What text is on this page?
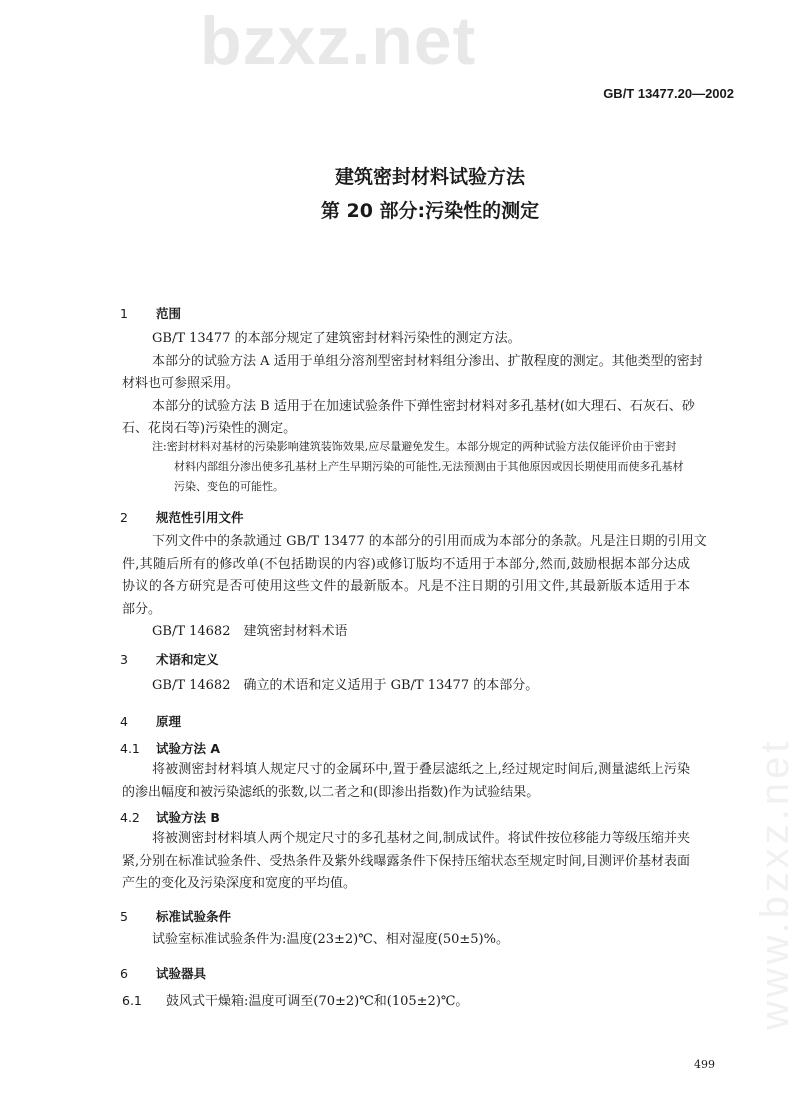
bzxz.net
www.bzxz.net
GB/T 13477.20—2002
建筑密封材料试验方法
第 20 部分:污染性的测定
1 范围
GB/T 13477 的本部分规定了建筑密封材料污染性的测定方法。
本部分的试验方法 A 适用于单组分溶剂型密封材料组分渗出、扩散程度的测定。其他类型的密封
材料也可参照采用。
本部分的试验方法 B 适用于在加速试验条件下弹性密封材料对多孔基材(如大理石、石灰石、砂
石、花岗石等)污染性的测定。
注:密封材料对基材的污染影响建筑装饰效果,应尽量避免发生。本部分规定的两种试验方法仅能评价由于密封
材料内部组分渗出使多孔基材上产生早期污染的可能性,无法预测由于其他原因或因长期使用而使多孔基材
污染、变色的可能性。
2 规范性引用文件
下列文件中的条款通过 GB/T 13477 的本部分的引用而成为本部分的条款。凡是注日期的引用文
件,其随后所有的修改单(不包括勘误的内容)或修订版均不适用于本部分,然而,鼓励根据本部分达成
协议的各方研究是否可使用这些文件的最新版本。凡是不注日期的引用文件,其最新版本适用于本
部分。
GB/T 14682　建筑密封材料术语
3 术语和定义
GB/T 14682　确立的术语和定义适用于 GB/T 13477 的本部分。
4 原理
4.1 试验方法 A
将被测密封材料填人规定尺寸的金属环中,置于叠层滤纸之上,经过规定时间后,测量滤纸上污染
的渗出幅度和被污染滤纸的张数,以二者之和(即渗出指数)作为试验结果。
4.2 试验方法 B
将被测密封材料填人两个规定尺寸的多孔基材之间,制成试件。将试件按位移能力等级压缩并夹
紧,分别在标准试验条件、受热条件及紫外线曝露条件下保持压缩状态至规定时间,目测评价基材表面
产生的变化及污染深度和宽度的平均值。
5 标准试验条件
试验室标准试验条件为:温度(23±2)℃、相对湿度(50±5)%。
6 试验器具
6.1 鼓风式干燥箱:温度可调至(70±2)℃和(105±2)℃。
499
